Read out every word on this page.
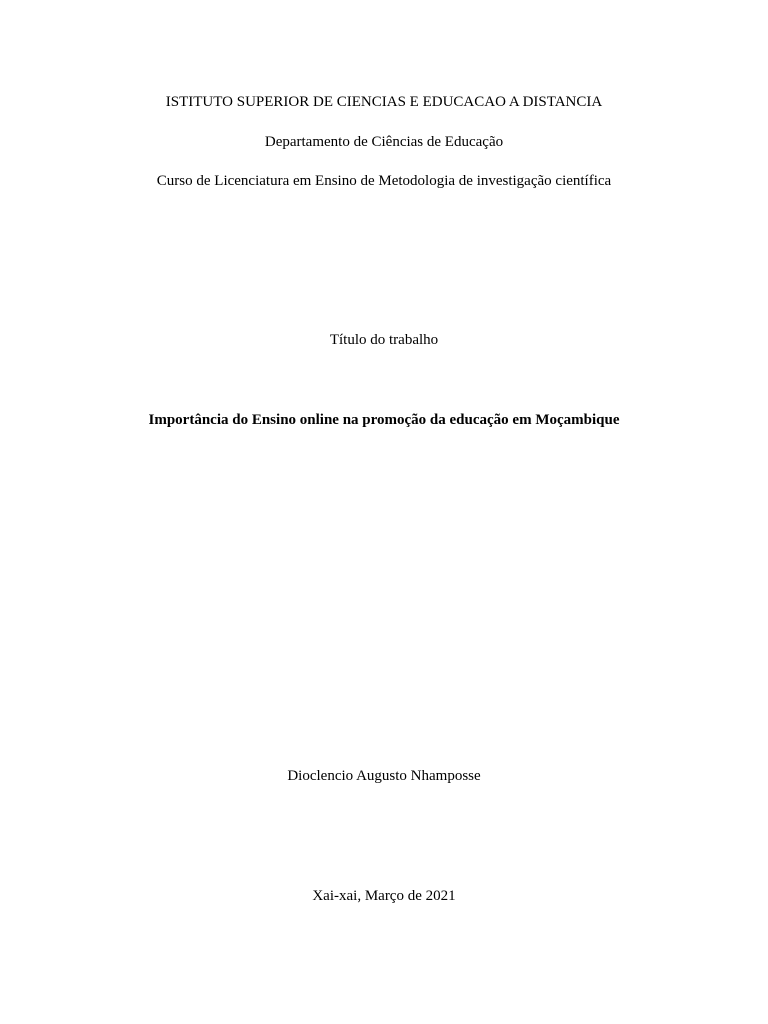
ISTITUTO SUPERIOR DE CIENCIAS E EDUCACAO A DISTANCIA
Departamento de Ciências de Educação
Curso de Licenciatura em Ensino de Metodologia de investigação científica
Título do trabalho
Importância do Ensino online na promoção da educação em Moçambique
Dioclencio Augusto Nhamposse
Xai-xai, Março de 2021
